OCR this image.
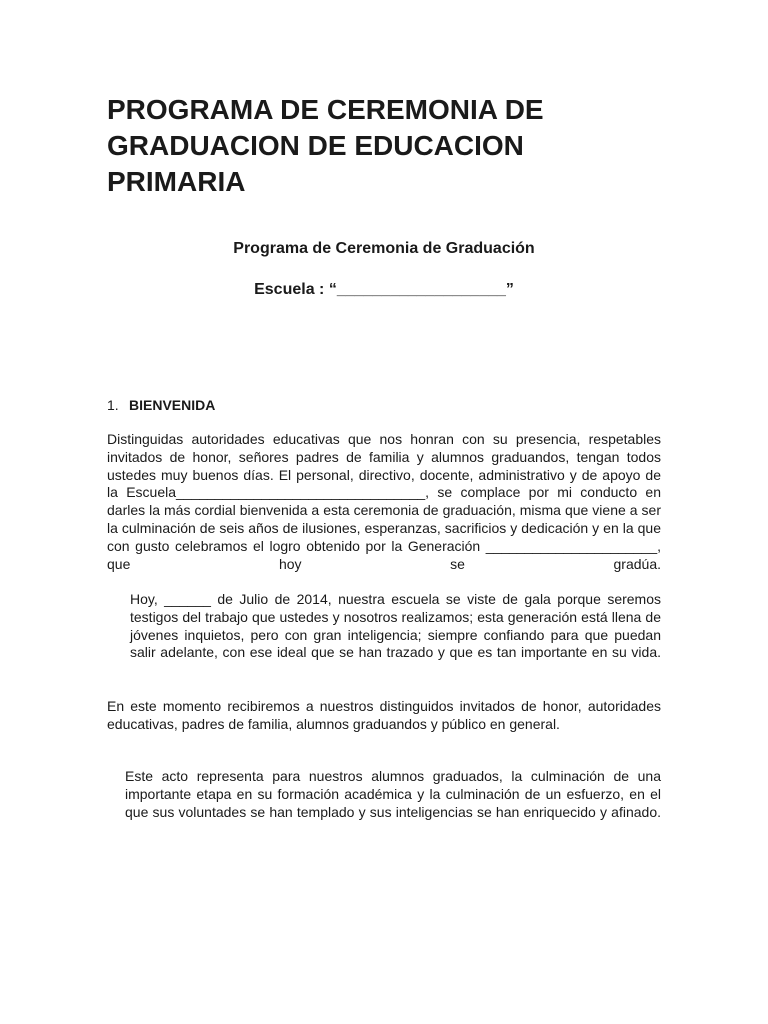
PROGRAMA DE CEREMONIA DE GRADUACION DE EDUCACION PRIMARIA

Programa de Ceremonia de Graduación

Escuela : “___________________”

1. BIENVENIDA

Distinguidas autoridades educativas que nos honran con su presencia, respetables invitados de honor, señores padres de familia y alumnos graduandos, tengan todos ustedes muy buenos días. El personal, directivo, docente, administrativo y de apoyo de la Escuela________________________________, se complace por mi conducto en darles la más cordial bienvenida a esta ceremonia de graduación, misma que viene a ser la culminación de seis años de ilusiones, esperanzas, sacrificios y dedicación y en la que con gusto celebramos el logro obtenido por la Generación ______________________, que hoy se gradúa.

Hoy, ______ de Julio de 2014, nuestra escuela se viste de gala porque seremos testigos del trabajo que ustedes y nosotros realizamos; esta generación está llena de jóvenes inquietos, pero con gran inteligencia; siempre confiando para que puedan salir adelante, con ese ideal que se han trazado y que es tan importante en su vida.

En este momento recibiremos a nuestros distinguidos invitados de honor, autoridades educativas, padres de familia, alumnos graduandos y público en general.

Este acto representa para nuestros alumnos graduados, la culminación de una importante etapa en su formación académica y la culminación de un esfuerzo, en el que sus voluntades se han templado y sus inteligencias se han enriquecido y afinado.
